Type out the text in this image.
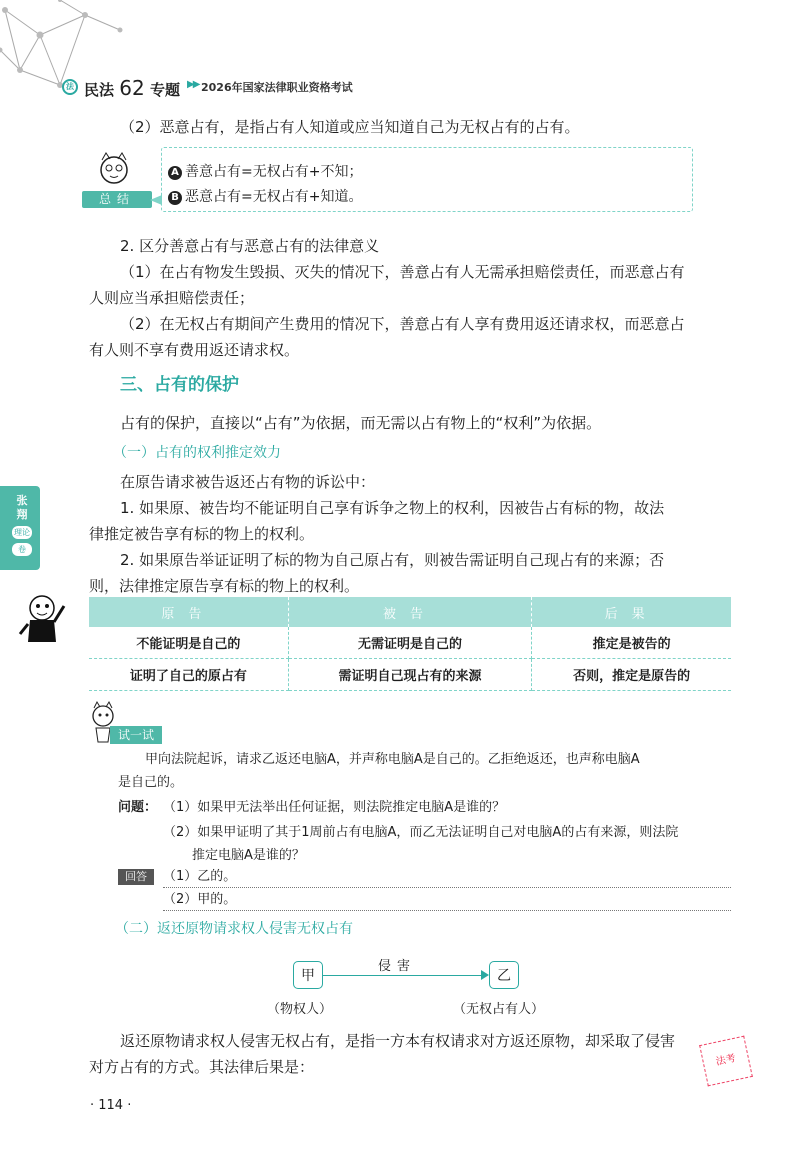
法 民法 62 专题 ▶▶ 2026年国家法律职业资格考试
（2）恶意占有，是指占有人知道或应当知道自己为无权占有的占有。
总结
A 善意占有=无权占有+不知；
B 恶意占有=无权占有+知道。
2. 区分善意占有与恶意占有的法律意义
（1）在占有物发生毁损、灭失的情况下，善意占有人无需承担赔偿责任，而恶意占有
人则应当承担赔偿责任；
（2）在无权占有期间产生费用的情况下，善意占有人享有费用返还请求权，而恶意占
有人则不享有费用返还请求权。
三、占有的保护
占有的保护，直接以“占有”为依据，而无需以占有物上的“权利”为依据。
（一）占有的权利推定效力
在原告请求被告返还占有物的诉讼中：
1. 如果原、被告均不能证明自己享有诉争之物上的权利，因被告占有标的物，故法
律推定被告享有标的物上的权利。
2. 如果原告举证证明了标的物为自己原占有，则被告需证明自己现占有的来源；否
则，法律推定原告享有标的物上的权利。
张翔
理论
卷
原告	被告	后果
不能证明是自己的	无需证明是自己的	推定是被告的
证明了自己的原占有	需证明自己现占有的来源	否则，推定是原告的
试一试
甲向法院起诉，请求乙返还电脑A，并声称电脑A是自己的。乙拒绝返还，也声称电脑A
是自己的。
问题： （1）如果甲无法举出任何证据，则法院推定电脑A是谁的？
（2）如果甲证明了其于1周前占有电脑A，而乙无法证明自己对电脑A的占有来源，则法院
推定电脑A是谁的？
回答	（1）乙的。
（2）甲的。
（二）返还原物请求权人侵害无权占有
甲	乙
侵害
（物权人）	（无权占有人）
返还原物请求权人侵害无权占有，是指一方本有权请求对方返还原物，却采取了侵害
对方占有的方式。其法律后果是：	法考
· 114 ·
